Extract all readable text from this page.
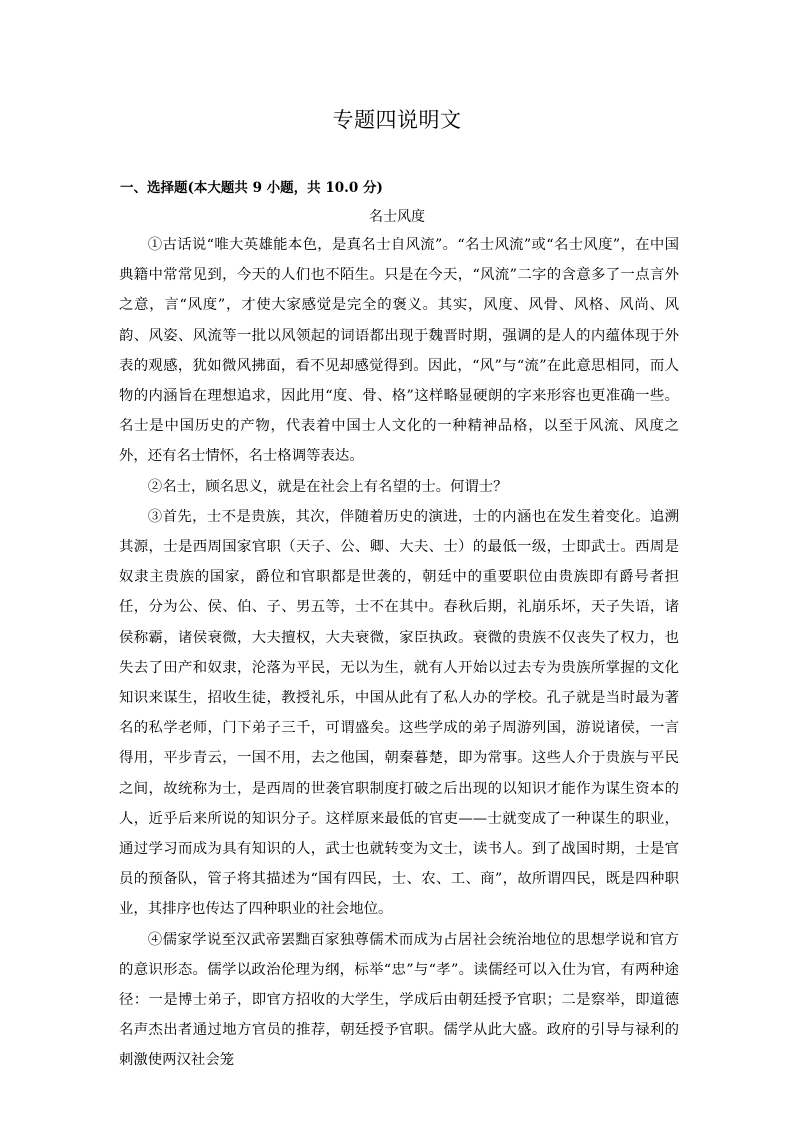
专题四说明文
一、选择题(本大题共 9 小题，共 10.0 分)
名士风度

①古话说“唯大英雄能本色，是真名士自风流”。“名士风流”或“名士风度”，在中国典籍中常常见到，今天的人们也不陌生。只是在今天，“风流”二字的含意多了一点言外之意，言“风度”，才使大家感觉是完全的褒义。其实，风度、风骨、风格、风尚、风韵、风姿、风流等一批以风领起的词语都出现于魏晋时期，强调的是人的内蕴体现于外表的观感，犹如微风拂面，看不见却感觉得到。因此，“风”与“流”在此意思相同，而人物的内涵旨在理想追求，因此用“度、骨、格”这样略显硬朗的字来形容也更准确一些。名士是中国历史的产物，代表着中国士人文化的一种精神品格，以至于风流、风度之外，还有名士情怀，名士格调等表达。

②名士，顾名思义，就是在社会上有名望的士。何谓士？

③首先，士不是贵族，其次，伴随着历史的演进，士的内涵也在发生着变化。追溯其源，士是西周国家官职（天子、公、卿、大夫、士）的最低一级，士即武士。西周是奴隶主贵族的国家，爵位和官职都是世袭的，朝廷中的重要职位由贵族即有爵号者担任，分为公、侯、伯、子、男五等，士不在其中。春秋后期，礼崩乐坏，天子失语，诸侯称霸，诸侯衰微，大夫擅权，大夫衰微，家臣执政。衰微的贵族不仅丧失了权力，也失去了田产和奴隶，沦落为平民，无以为生，就有人开始以过去专为贵族所掌握的文化知识来谋生，招收生徒，教授礼乐，中国从此有了私人办的学校。孔子就是当时最为著名的私学老师，门下弟子三千，可谓盛矣。这些学成的弟子周游列国，游说诸侯，一言得用，平步青云，一国不用，去之他国，朝秦暮楚，即为常事。这些人介于贵族与平民之间，故统称为士，是西周的世袭官职制度打破之后出现的以知识才能作为谋生资本的人，近乎后来所说的知识分子。这样原来最低的官吏——士就变成了一种谋生的职业，通过学习而成为具有知识的人，武士也就转变为文士，读书人。到了战国时期，士是官员的预备队，管子将其描述为“国有四民，士、农、工、商”，故所谓四民，既是四种职业，其排序也传达了四种职业的社会地位。

④儒家学说至汉武帝罢黜百家独尊儒术而成为占居社会统治地位的思想学说和官方的意识形态。儒学以政治伦理为纲，标举“忠”与“孝”。读儒经可以入仕为官，有两种途径：一是博士弟子，即官方招收的大学生，学成后由朝廷授予官职；二是察举，即道德名声杰出者通过地方官员的推荐，朝廷授予官职。儒学从此大盛。政府的引导与禄利的刺激使两汉社会笼
